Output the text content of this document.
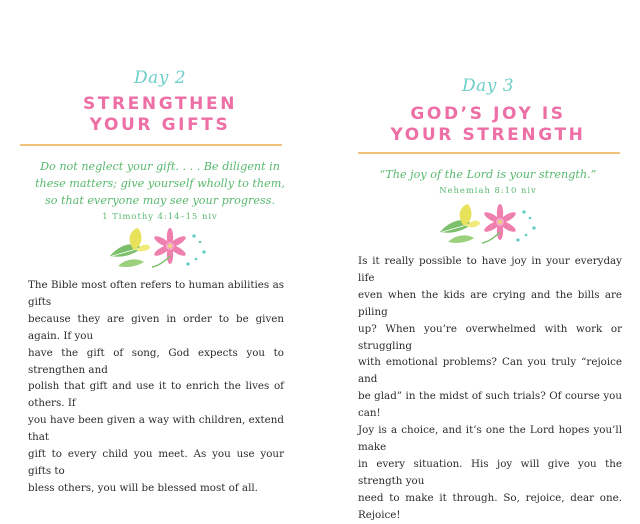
Day 2
STRENGTHEN
YOUR GIFTS
Do not neglect your gift. . . . Be diligent in
these matters; give yourself wholly to them,
so that everyone may see your progress.
1 Timothy 4:14–15 niv
The Bible most often refers to human abilities as gifts
because they are given in order to be given again. If you
have the gift of song, God expects you to strengthen and
polish that gift and use it to enrich the lives of others. If
you have been given a way with children, extend that
gift to every child you meet. As you use your gifts to
bless others, you will be blessed most of all.
Day 3
GOD’S JOY IS
YOUR STRENGTH
“The joy of the Lord is your strength.”
Nehemiah 8:10 niv
Is it really possible to have joy in your everyday life
even when the kids are crying and the bills are piling
up? When you’re overwhelmed with work or struggling
with emotional problems? Can you truly “rejoice and
be glad” in the midst of such trials? Of course you can!
Joy is a choice, and it’s one the Lord hopes you’ll make
in every situation. His joy will give you the strength you
need to make it through. So, rejoice, dear one. Rejoice!
